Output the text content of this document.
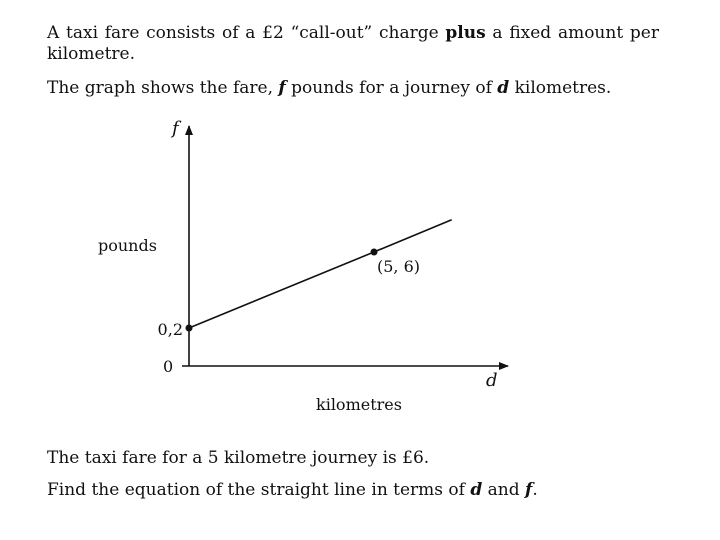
A taxi fare consists of a £2 “call-out” charge plus a fixed amount per kilometre.

The graph shows the fare, f pounds for a journey of d kilometres.

0,2
(5, 6)
f
d
pounds
kilometres
0

The taxi fare for a 5 kilometre journey is £6.

Find the equation of the straight line in terms of d and f.
